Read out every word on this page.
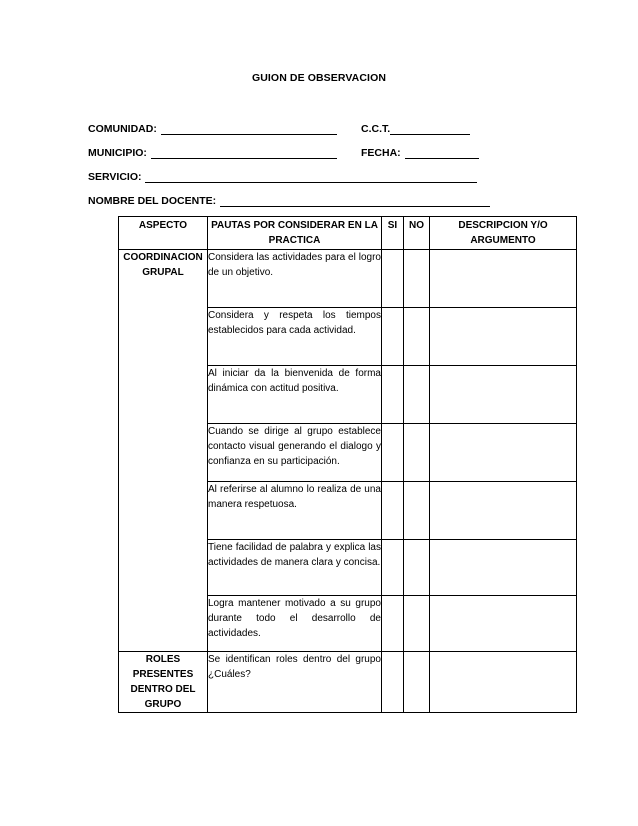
GUION DE OBSERVACION
COMUNIDAD:	C.C.T.
MUNICIPIO:	FECHA:
SERVICIO:
NOMBRE DEL DOCENTE:
ASPECTO	PAUTAS POR CONSIDERAR EN LA PRACTICA	SI	NO	DESCRIPCION Y/O ARGUMENTO
COORDINACION GRUPAL	Considera las actividades para el logro de un objetivo.			
	Considera y respeta los tiempos establecidos para cada actividad.			
	Al iniciar da la bienvenida de forma dinámica con actitud positiva.			
	Cuando se dirige al grupo establece contacto visual generando el dialogo y confianza en su participación.			
	Al referirse al alumno lo realiza de una manera respetuosa.			
	Tiene facilidad de palabra y explica las actividades de manera clara y concisa.			
	Logra mantener motivado a su grupo durante todo el desarrollo de actividades.			
ROLES PRESENTES DENTRO DEL GRUPO	Se identifican roles dentro del grupo ¿Cuáles?			
